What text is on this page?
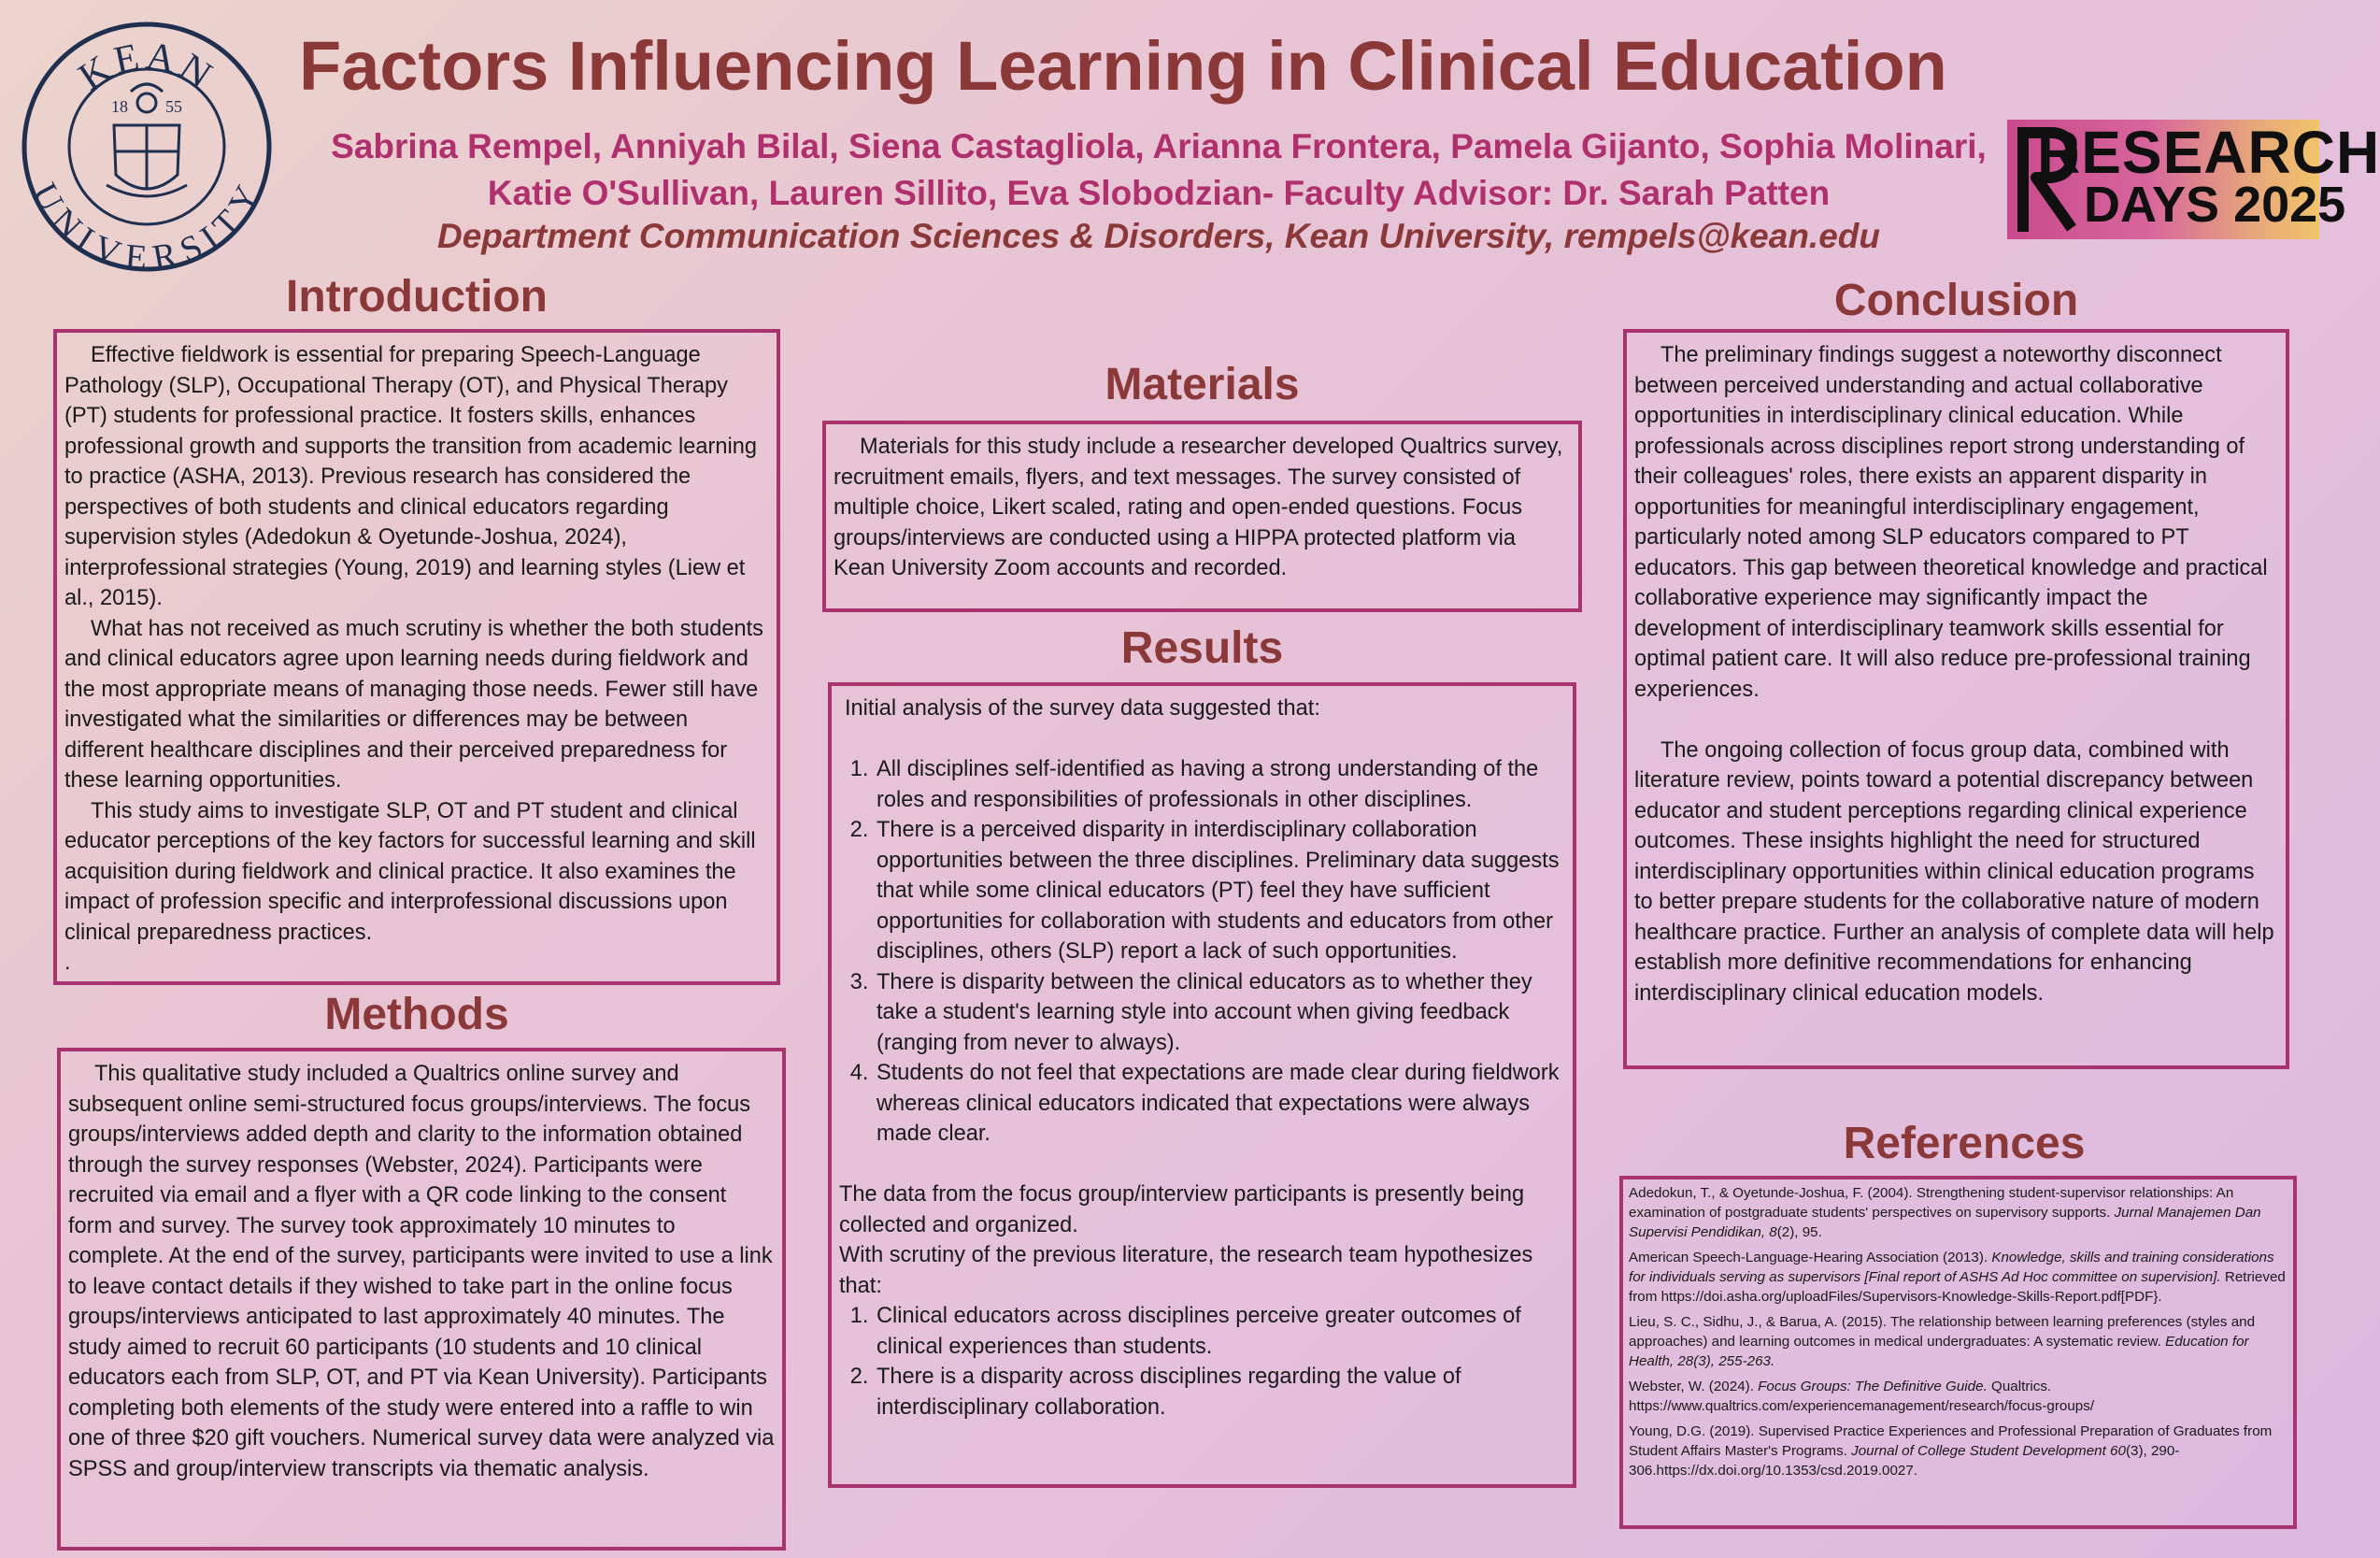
KEAN
UNIVERSITY
18 55
Factors Influencing Learning in Clinical Education
Sabrina Rempel, Anniyah Bilal, Siena Castagliola, Arianna Frontera, Pamela Gijanto, Sophia Molinari,
Katie O'Sullivan, Lauren Sillito, Eva Slobodzian- Faculty Advisor: Dr. Sarah Patten
Department Communication Sciences & Disorders, Kean University, rempels@kean.edu
RESEARCH
DAYS 2025
Introduction

Effective fieldwork is essential for preparing Speech-Language Pathology (SLP), Occupational Therapy (OT), and Physical Therapy (PT) students for professional practice. It fosters skills, enhances professional growth and supports the transition from academic learning to practice (ASHA, 2013). Previous research has considered the perspectives of both students and clinical educators regarding supervision styles (Adedokun & Oyetunde-Joshua, 2024), interprofessional strategies (Young, 2019) and learning styles (Liew et al., 2015).

What has not received as much scrutiny is whether the both students and clinical educators agree upon learning needs during fieldwork and the most appropriate means of managing those needs. Fewer still have investigated what the similarities or differences may be between different healthcare disciplines and their perceived preparedness for these learning opportunities.

This study aims to investigate SLP, OT and PT student and clinical educator perceptions of the key factors for successful learning and skill acquisition during fieldwork and clinical practice. It also examines the impact of profession specific and interprofessional discussions upon clinical preparedness practices.

.

Methods

This qualitative study included a Qualtrics online survey and subsequent online semi-structured focus groups/interviews. The focus groups/interviews added depth and clarity to the information obtained through the survey responses (Webster, 2024). Participants were recruited via email and a flyer with a QR code linking to the consent form and survey. The survey took approximately 10 minutes to complete. At the end of the survey, participants were invited to use a link to leave contact details if they wished to take part in the online focus groups/interviews anticipated to last approximately 40 minutes. The study aimed to recruit 60 participants (10 students and 10 clinical educators each from SLP, OT, and PT via Kean University). Participants completing both elements of the study were entered into a raffle to win one of three $20 gift vouchers. Numerical survey data were analyzed via SPSS and group/interview transcripts via thematic analysis.

Materials

Materials for this study include a researcher developed Qualtrics survey, recruitment emails, flyers, and text messages. The survey consisted of multiple choice, Likert scaled, rating and open-ended questions. Focus groups/interviews are conducted using a HIPPA protected platform via Kean University Zoom accounts and recorded.

Results

Initial analysis of the survey data suggested that:

1. All disciplines self-identified as having a strong understanding of the roles and responsibilities of professionals in other disciplines.
2. There is a perceived disparity in interdisciplinary collaboration opportunities between the three disciplines. Preliminary data suggests that while some clinical educators (PT) feel they have sufficient opportunities for collaboration with students and educators from other disciplines, others (SLP) report a lack of such opportunities.
3. There is disparity between the clinical educators as to whether they take a student's learning style into account when giving feedback (ranging from never to always).
4. Students do not feel that expectations are made clear during fieldwork whereas clinical educators indicated that expectations were always made clear.

The data from the focus group/interview participants is presently being collected and organized.

With scrutiny of the previous literature, the research team hypothesizes that:

1. Clinical educators across disciplines perceive greater outcomes of clinical experiences than students.
2. There is a disparity across disciplines regarding the value of interdisciplinary collaboration.
Conclusion

The preliminary findings suggest a noteworthy disconnect between perceived understanding and actual collaborative opportunities in interdisciplinary clinical education. While professionals across disciplines report strong understanding of their colleagues' roles, there exists an apparent disparity in opportunities for meaningful interdisciplinary engagement, particularly noted among SLP educators compared to PT educators. This gap between theoretical knowledge and practical collaborative experience may significantly impact the development of interdisciplinary teamwork skills essential for optimal patient care. It will also reduce pre-professional training experiences.

The ongoing collection of focus group data, combined with literature review, points toward a potential discrepancy between educator and student perceptions regarding clinical experience outcomes. These insights highlight the need for structured interdisciplinary opportunities within clinical education programs to better prepare students for the collaborative nature of modern healthcare practice. Further an analysis of complete data will help establish more definitive recommendations for enhancing interdisciplinary clinical education models.

References

Adedokun, T., & Oyetunde-Joshua, F. (2004). Strengthening student-supervisor relationships: An examination of postgraduate students' perspectives on supervisory supports. Jurnal Manajemen Dan Supervisi Pendidikan, 8(2), 95.

American Speech-Language-Hearing Association (2013). Knowledge, skills and training considerations for individuals serving as supervisors [Final report of ASHS Ad Hoc committee on supervision]. Retrieved from https://doi.asha.org/uploadFiles/Supervisors-Knowledge-Skills-Report.pdf[PDF}.

Lieu, S. C., Sidhu, J., & Barua, A. (2015). The relationship between learning preferences (styles and approaches) and learning outcomes in medical undergraduates: A systematic review. Education for Health, 28(3), 255-263.

Webster, W. (2024). Focus Groups: The Definitive Guide. Qualtrics. https://www.qualtrics.com/experiencemanagement/research/focus-groups/

Young, D.G. (2019). Supervised Practice Experiences and Professional Preparation of Graduates from Student Affairs Master's Programs. Journal of College Student Development 60(3), 290-306.https://dx.doi.org/10.1353/csd.2019.0027.
